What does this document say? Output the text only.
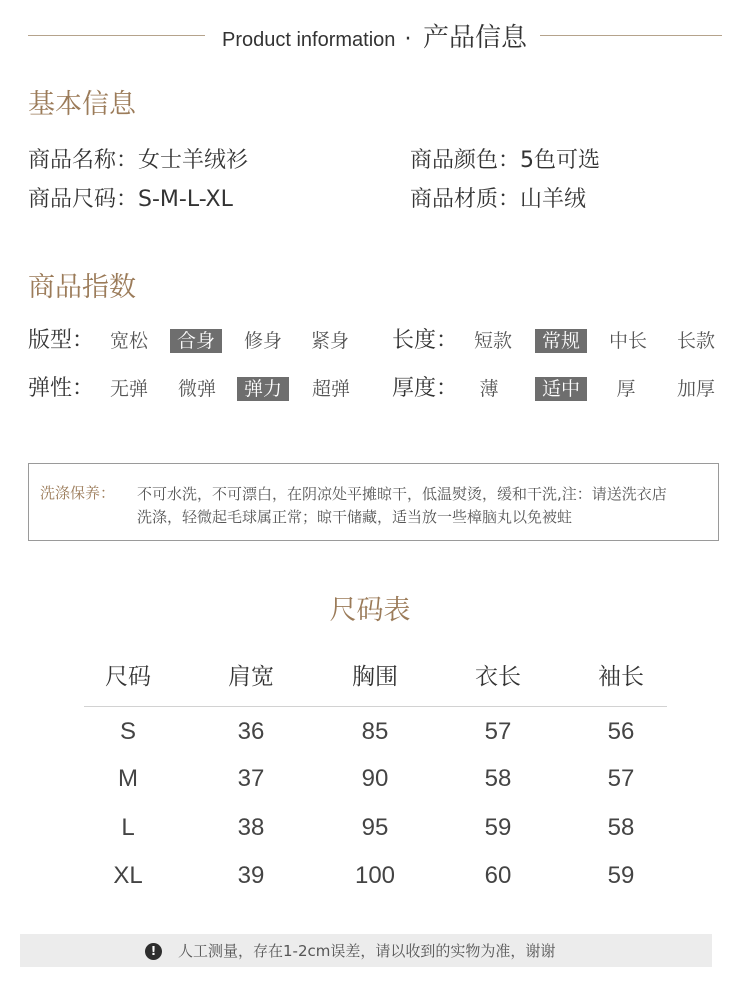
Product information · 产品信息
基本信息
商品名称：女士羊绒衫	商品颜色：5色可选
商品尺码：S-M-L-XL	商品材质：山羊绒
商品指数
版型： 宽松	合身	修身	紧身	长度： 短款	常规	中长	长款
弹性： 无弹	微弹	弹力	超弹	厚度：	薄	适中	厚	加厚
洗涤保养： 不可水洗，不可漂白，在阴凉处平摊晾干，低温熨烫，缓和干洗,注：请送洗衣店
洗涤，轻微起毛球属正常；晾干储藏，适当放一些樟脑丸以免被蛀
尺码表
尺码	肩宽	胸围	衣长	袖长
S	36	85	57	56
M	37	90	58	57
L	38	95	59	58
XL	39	100	60	59
!	人工测量，存在1-2cm误差，请以收到的实物为准，谢谢
